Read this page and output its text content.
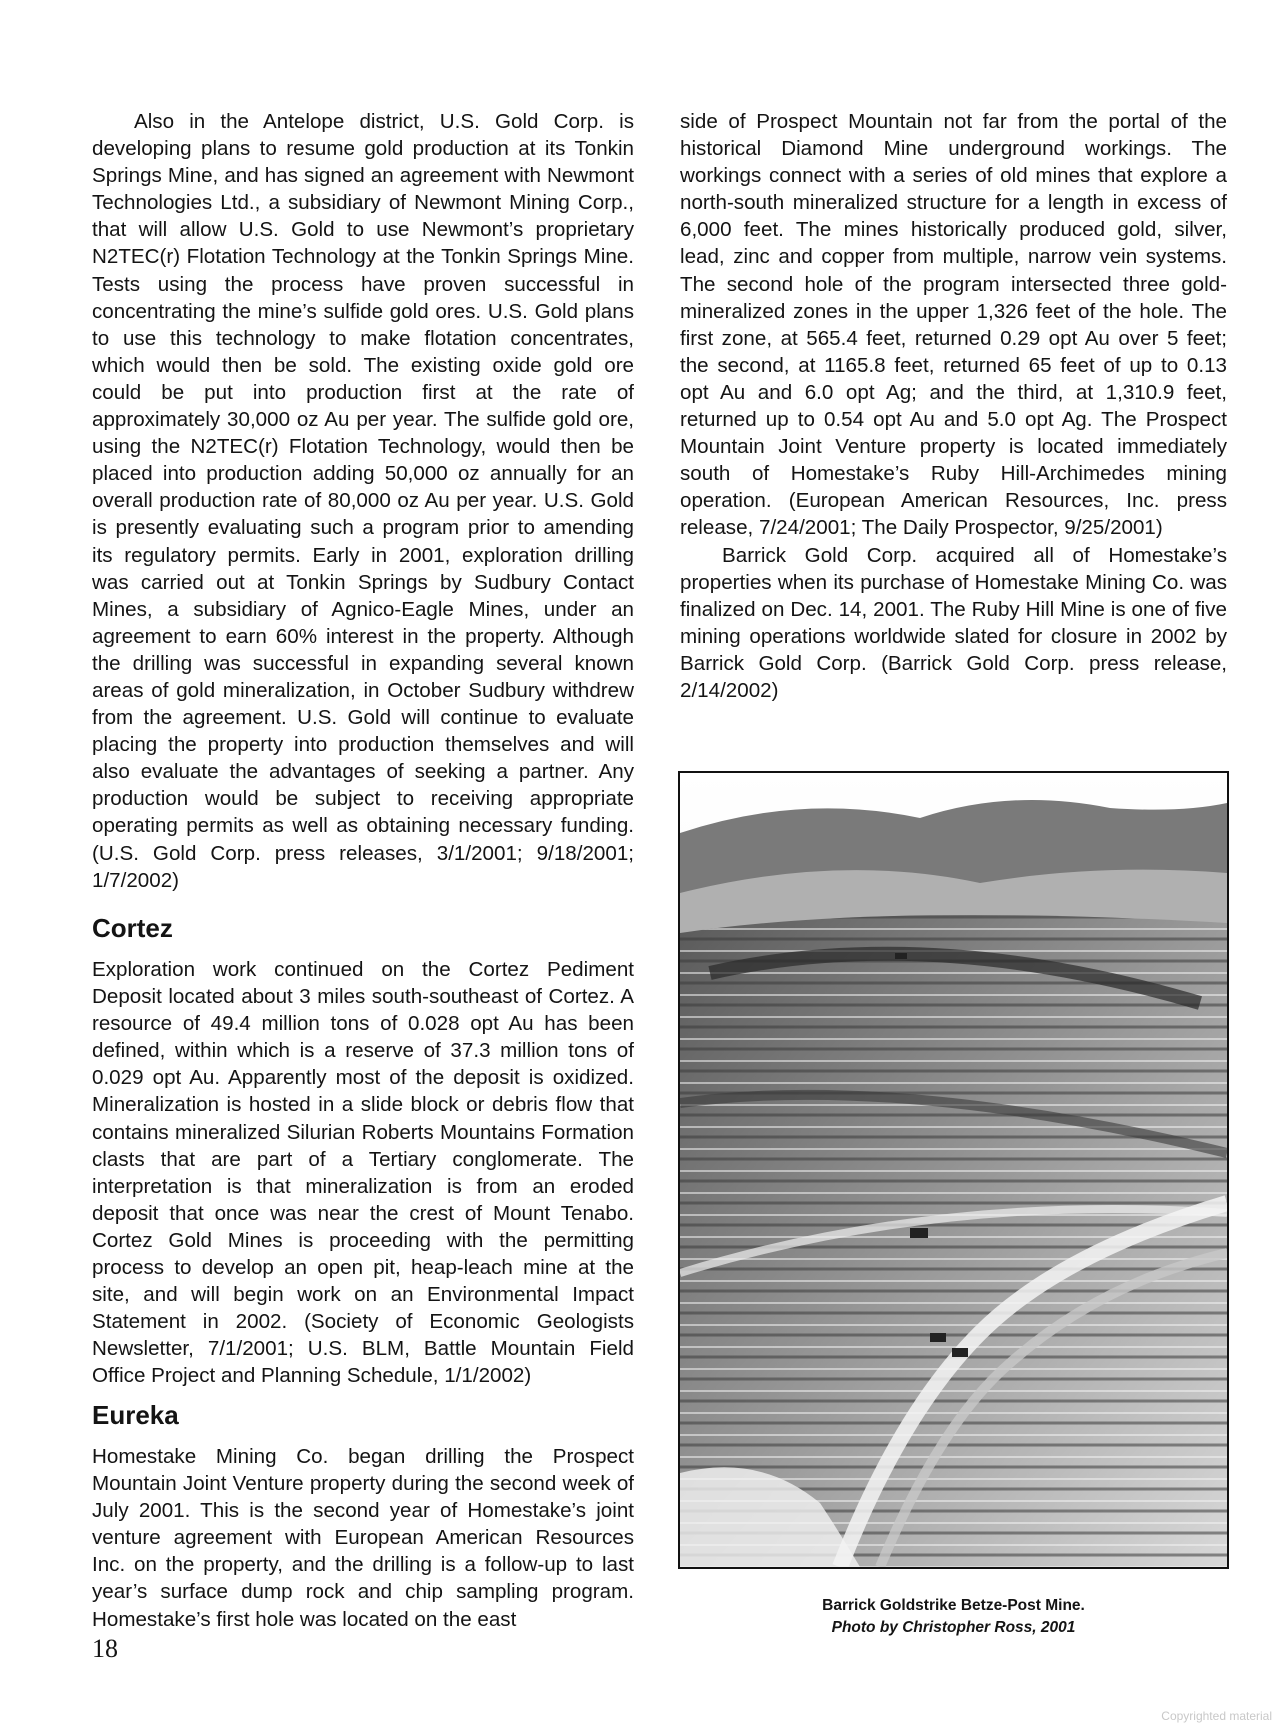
Also in the Antelope district, U.S. Gold Corp. is developing plans to resume gold production at its Tonkin Springs Mine, and has signed an agreement with Newmont Technologies Ltd., a subsidiary of Newmont Mining Corp., that will allow U.S. Gold to use Newmont’s proprietary N2TEC(r) Flotation Technology at the Tonkin Springs Mine. Tests using the process have proven successful in concentrating the mine’s sulfide gold ores. U.S. Gold plans to use this technology to make flotation concentrates, which would then be sold. The existing oxide gold ore could be put into production first at the rate of approximately 30,000 oz Au per year. The sulfide gold ore, using the N2TEC(r) Flotation Technology, would then be placed into production adding 50,000 oz annually for an overall production rate of 80,000 oz Au per year. U.S. Gold is presently evaluating such a program prior to amending its regulatory permits. Early in 2001, exploration drilling was carried out at Tonkin Springs by Sudbury Contact Mines, a subsidiary of Agnico-Eagle Mines, under an agreement to earn 60% interest in the property. Although the drilling was successful in expanding several known areas of gold mineralization, in October Sudbury withdrew from the agreement. U.S. Gold will continue to evaluate placing the property into production themselves and will also evaluate the advantages of seeking a partner. Any production would be subject to receiving appropriate operating permits as well as obtaining necessary funding. (U.S. Gold Corp. press releases, 3/1/2001; 9/18/2001; 1/7/2002)

Cortez

Exploration work continued on the Cortez Pediment Deposit located about 3 miles south-southeast of Cortez. A resource of 49.4 million tons of 0.028 opt Au has been defined, within which is a reserve of 37.3 million tons of 0.029 opt Au. Apparently most of the deposit is oxidized. Mineralization is hosted in a slide block or debris flow that contains mineralized Silurian Roberts Mountains Formation clasts that are part of a Tertiary conglomerate. The interpretation is that mineralization is from an eroded deposit that once was near the crest of Mount Tenabo. Cortez Gold Mines is proceeding with the permitting process to develop an open pit, heap-leach mine at the site, and will begin work on an Environmental Impact Statement in 2002. (Society of Economic Geologists Newsletter, 7/1/2001; U.S. BLM, Battle Mountain Field Office Project and Planning Schedule, 1/1/2002)

Eureka

Homestake Mining Co. began drilling the Prospect Mountain Joint Venture property during the second week of July 2001. This is the second year of Homestake’s joint venture agreement with European American Resources Inc. on the property, and the drilling is a follow-up to last year’s surface dump rock and chip sampling program. Homestake’s first hole was located on the east

side of Prospect Mountain not far from the portal of the historical Diamond Mine underground workings. The workings connect with a series of old mines that explore a north-south mineralized structure for a length in excess of 6,000 feet. The mines historically produced gold, silver, lead, zinc and copper from multiple, narrow vein systems. The second hole of the program intersected three gold-mineralized zones in the upper 1,326 feet of the hole. The first zone, at 565.4 feet, returned 0.29 opt Au over 5 feet; the second, at 1165.8 feet, returned 65 feet of up to 0.13 opt Au and 6.0 opt Ag; and the third, at 1,310.9 feet, returned up to 0.54 opt Au and 5.0 opt Ag. The Prospect Mountain Joint Venture property is located immediately south of Homestake’s Ruby Hill-Archimedes mining operation. (European American Resources, Inc. press release, 7/24/2001; The Daily Prospector, 9/25/2001)

Barrick Gold Corp. acquired all of Homestake’s properties when its purchase of Homestake Mining Co. was finalized on Dec. 14, 2001. The Ruby Hill Mine is one of five mining operations worldwide slated for closure in 2002 by Barrick Gold Corp. (Barrick Gold Corp. press release, 2/14/2002)

Barrick Goldstrike Betze-Post Mine.
Photo by Christopher Ross, 2001
18
Copyrighted material
